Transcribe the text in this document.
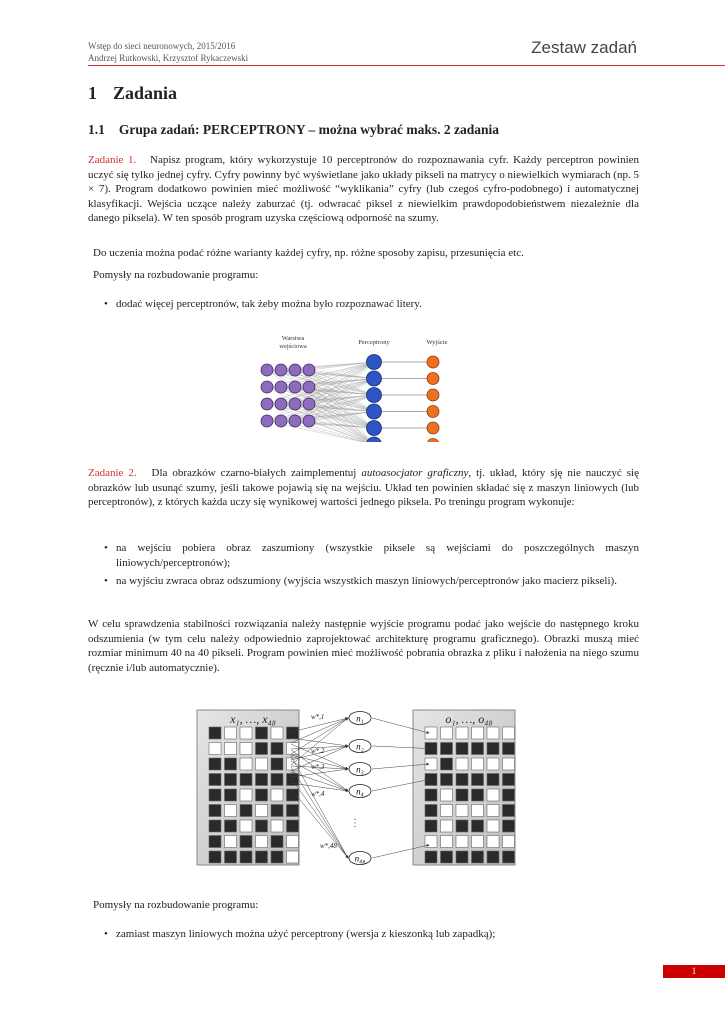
Wstęp do sieci neuronowych, 2015/2016
Andrzej Rutkowski, Krzysztof Rykaczewski
Zestaw zadań
1 Zadania
1.1 Grupa zadań: PERCEPTRONY – można wybrać maks. 2 zadania

Zadanie 1. Napisz program, który wykorzystuje 10 perceptronów do rozpoznawania cyfr. Każdy perceptron powinien uczyć się tylko jednej cyfry. Cyfry powinny być wyświetlane jako układy pikseli na matrycy o niewielkich wymiarach (np. 5 × 7). Program dodatkowo powinien mieć możliwość “wyklikania” cyfry (lub czegoś cyfro-podobnego) i automatycznej klasyfikacji. Wejścia uczące należy zaburzać (tj. odwracać piksel z niewielkim prawdopodobieństwem niezależnie dla danego piksela). W ten sposób program uzyska częściową odporność na szumy.

Do uczenia można podać różne warianty każdej cyfry, np. różne sposoby zapisu, przesunięcia etc.

Pomysły na rozbudowanie programu:

• dodać więcej perceptronów, tak żeby można było rozpoznawać litery.
Warstwa
wejściowa
Perceptrony	Wyjście

Zadanie 2. Dla obrazków czarno-białych zaimplementuj autoasocjator graficzny, tj. układ, który sję nie nauczyć się obrazków lub usunąć szumy, jeśli takowe pojawią się na wejściu. Układ ten powinien składać się z maszyn liniowych (lub perceptronów), z których każda uczy się wynikowej wartości jednego piksela. Po treningu program wykonuje:

• na wejściu pobiera obraz zaszumiony (wszystkie piksele są wejściami do poszczególnych maszyn liniowych/perceptronów);
• na wyjściu zwraca obraz odszumiony (wyjścia wszystkich maszyn liniowych/perceptronów jako macierz pikseli).

W celu sprawdzenia stabilności rozwiązania należy następnie wyjście programu podać jako wejście do następnego kroku odszumienia (w tym celu należy odpowiednio zaprojektować architekturę programu graficznego). Obrazki muszą mieć rozmiar minimum 40 na 40 pikseli. Program powinien mieć możliwość pobrania obrazka z pliku i nałożenia na niego szumu (ręcznie i/lub automatycznie).

x₁, …, x₄₈	o₁, …, o₄₈
n₁
w*,1
n₂
w*,2
n₃
w*,3
n₄
w*,4
n₄₈
w*,48
⋮

Pomysły na rozbudowanie programu:

• zamiast maszyn liniowych można użyć perceptrony (wersja z kieszonką lub zapadką);
1
